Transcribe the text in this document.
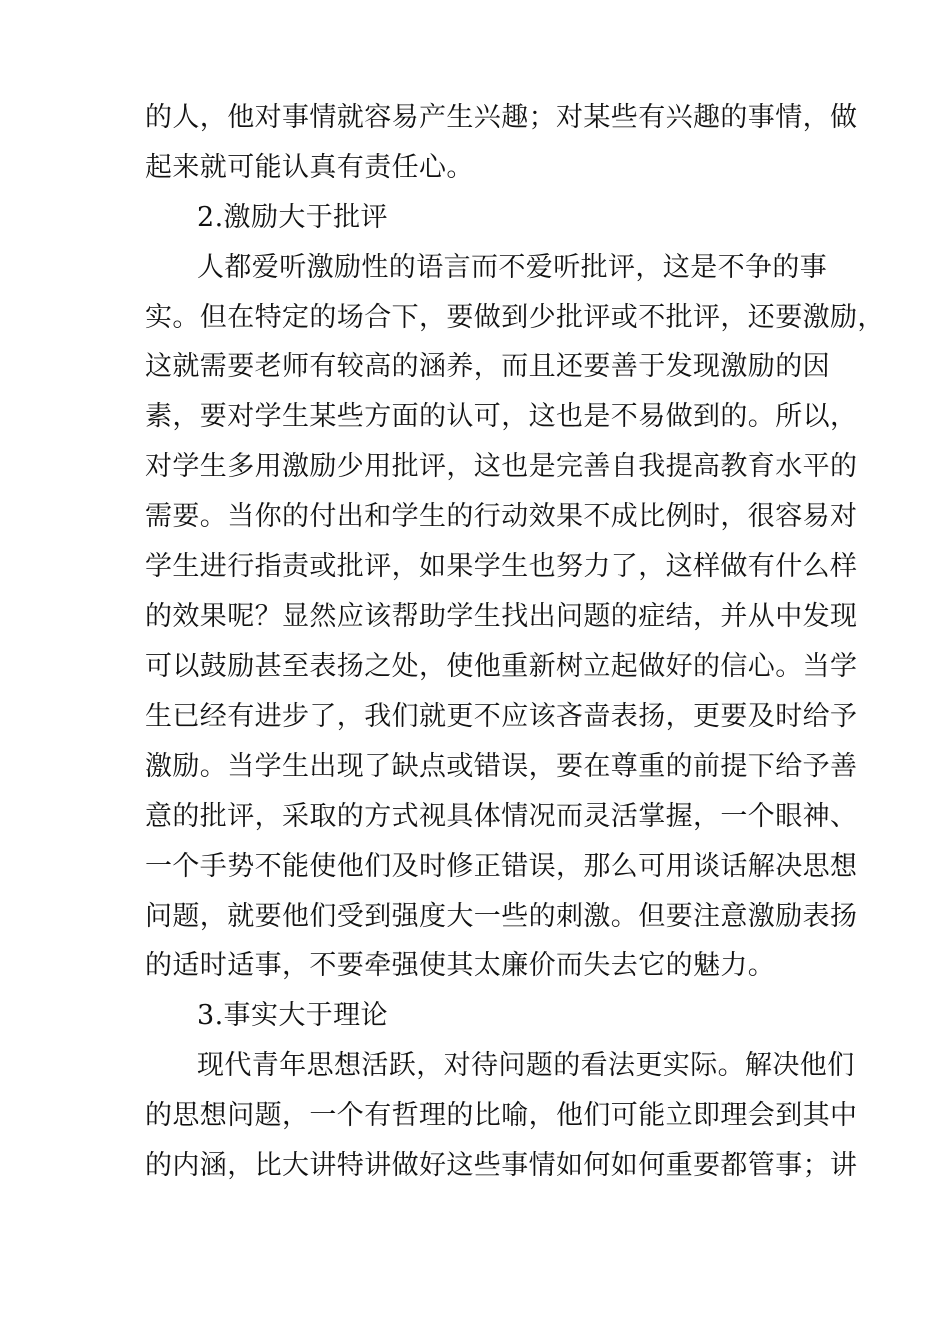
的人，他对事情就容易产生兴趣；对某些有兴趣的事情，做
起来就可能认真有责任心。
2.激励大于批评
人都爱听激励性的语言而不爱听批评，这是不争的事
实。但在特定的场合下，要做到少批评或不批评，还要激励，
这就需要老师有较高的涵养，而且还要善于发现激励的因
素，要对学生某些方面的认可，这也是不易做到的。所以，
对学生多用激励少用批评，这也是完善自我提高教育水平的
需要。当你的付出和学生的行动效果不成比例时，很容易对
学生进行指责或批评，如果学生也努力了，这样做有什么样
的效果呢？显然应该帮助学生找出问题的症结，并从中发现
可以鼓励甚至表扬之处，使他重新树立起做好的信心。当学
生已经有进步了，我们就更不应该吝啬表扬，更要及时给予
激励。当学生出现了缺点或错误，要在尊重的前提下给予善
意的批评，采取的方式视具体情况而灵活掌握，一个眼神、
一个手势不能使他们及时修正错误，那么可用谈话解决思想
问题，就要他们受到强度大一些的刺激。但要注意激励表扬
的适时适事，不要牵强使其太廉价而失去它的魅力。
3.事实大于理论
现代青年思想活跃，对待问题的看法更实际。解决他们
的思想问题，一个有哲理的比喻，他们可能立即理会到其中
的内涵，比大讲特讲做好这些事情如何如何重要都管事；讲
